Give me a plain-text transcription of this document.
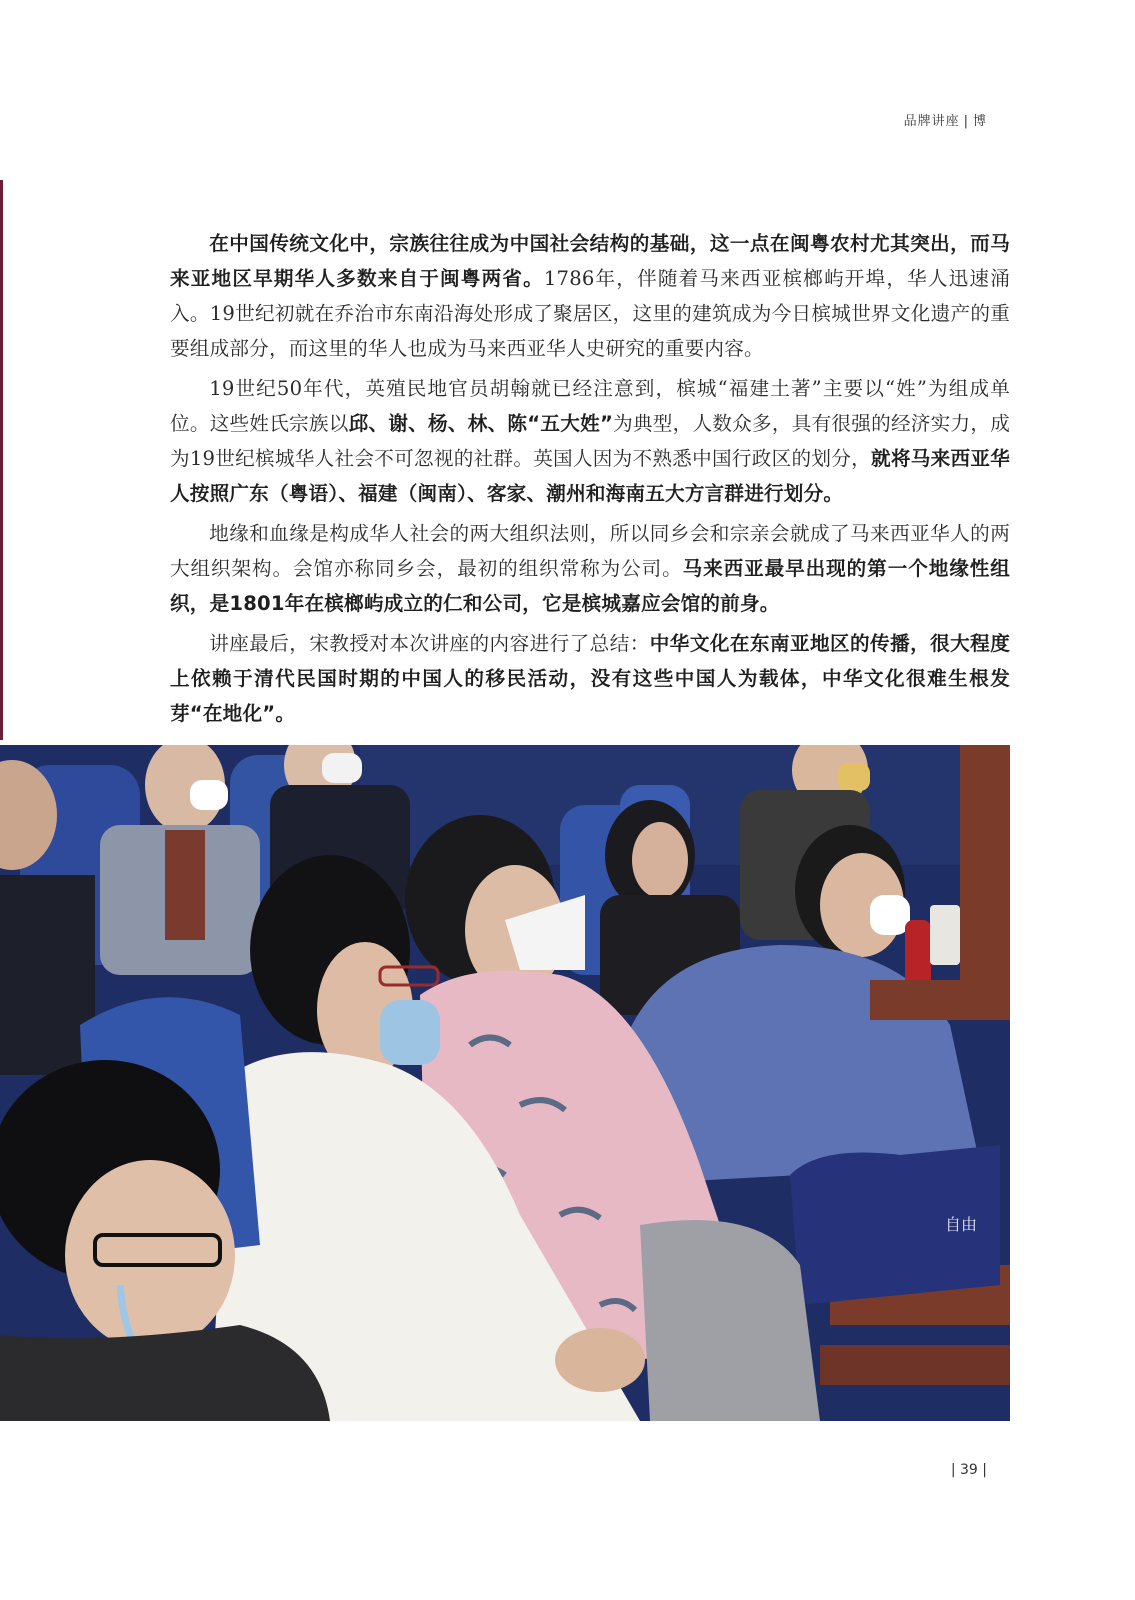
品牌讲座 | 博

在中国传统文化中，宗族往往成为中国社会结构的基础，这一点在闽粤农村尤其突出，而马来亚地区早期华人多数来自于闽粤两省。1786年，伴随着马来西亚槟榔屿开埠，华人迅速涌入。19世纪初就在乔治市东南沿海处形成了聚居区，这里的建筑成为今日槟城世界文化遗产的重要组成部分，而这里的华人也成为马来西亚华人史研究的重要内容。

19世纪50年代，英殖民地官员胡翰就已经注意到，槟城“福建土著”主要以“姓”为组成单位。这些姓氏宗族以邱、谢、杨、林、陈“五大姓”为典型，人数众多，具有很强的经济实力，成为19世纪槟城华人社会不可忽视的社群。英国人因为不熟悉中国行政区的划分，就将马来西亚华人按照广东（粤语）、福建（闽南）、客家、潮州和海南五大方言群进行划分。

地缘和血缘是构成华人社会的两大组织法则，所以同乡会和宗亲会就成了马来西亚华人的两大组织架构。会馆亦称同乡会，最初的组织常称为公司。马来西亚最早出现的第一个地缘性组织，是1801年在槟榔屿成立的仁和公司，它是槟城嘉应会馆的前身。

讲座最后，宋教授对本次讲座的内容进行了总结：中华文化在东南亚地区的传播，很大程度上依赖于清代民国时期的中国人的移民活动，没有这些中国人为载体，中华文化很难生根发芽“在地化”。

自由
| 39 |
